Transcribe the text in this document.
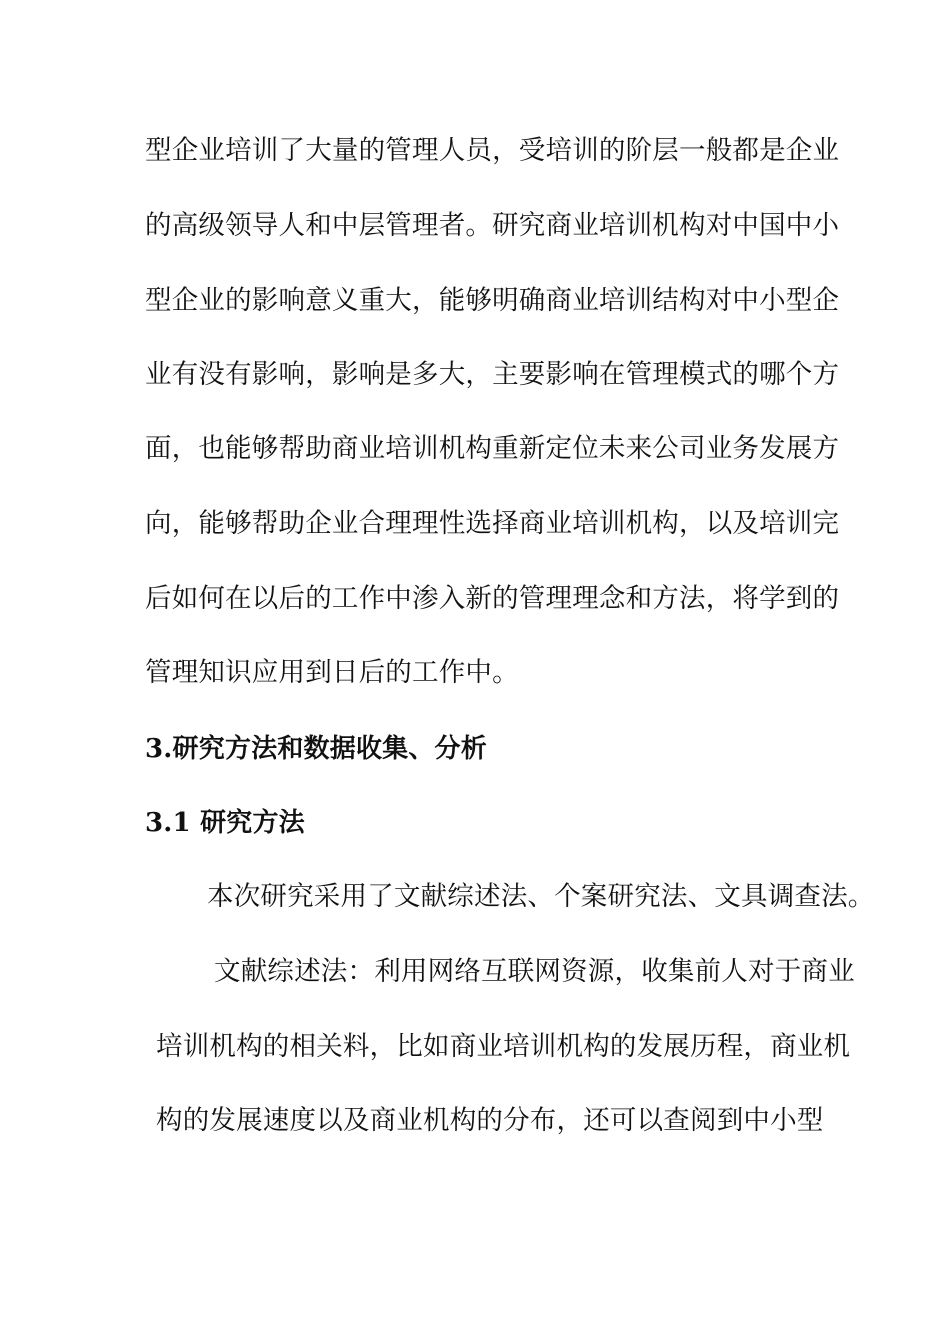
型企业培训了大量的管理人员，受培训的阶层一般都是企业
的高级领导人和中层管理者。研究商业培训机构对中国中小
型企业的影响意义重大，能够明确商业培训结构对中小型企
业有没有影响，影响是多大，主要影响在管理模式的哪个方
面，也能够帮助商业培训机构重新定位未来公司业务发展方
向，能够帮助企业合理理性选择商业培训机构，以及培训完
后如何在以后的工作中渗入新的管理理念和方法，将学到的
管理知识应用到日后的工作中。
3.研究方法和数据收集、分析
3.1 研究方法
本次研究采用了文献综述法、个案研究法、文具调查法。
文献综述法：利用网络互联网资源，收集前人对于商业
培训机构的相关料，比如商业培训机构的发展历程，商业机
构的发展速度以及商业机构的分布，还可以查阅到中小型
